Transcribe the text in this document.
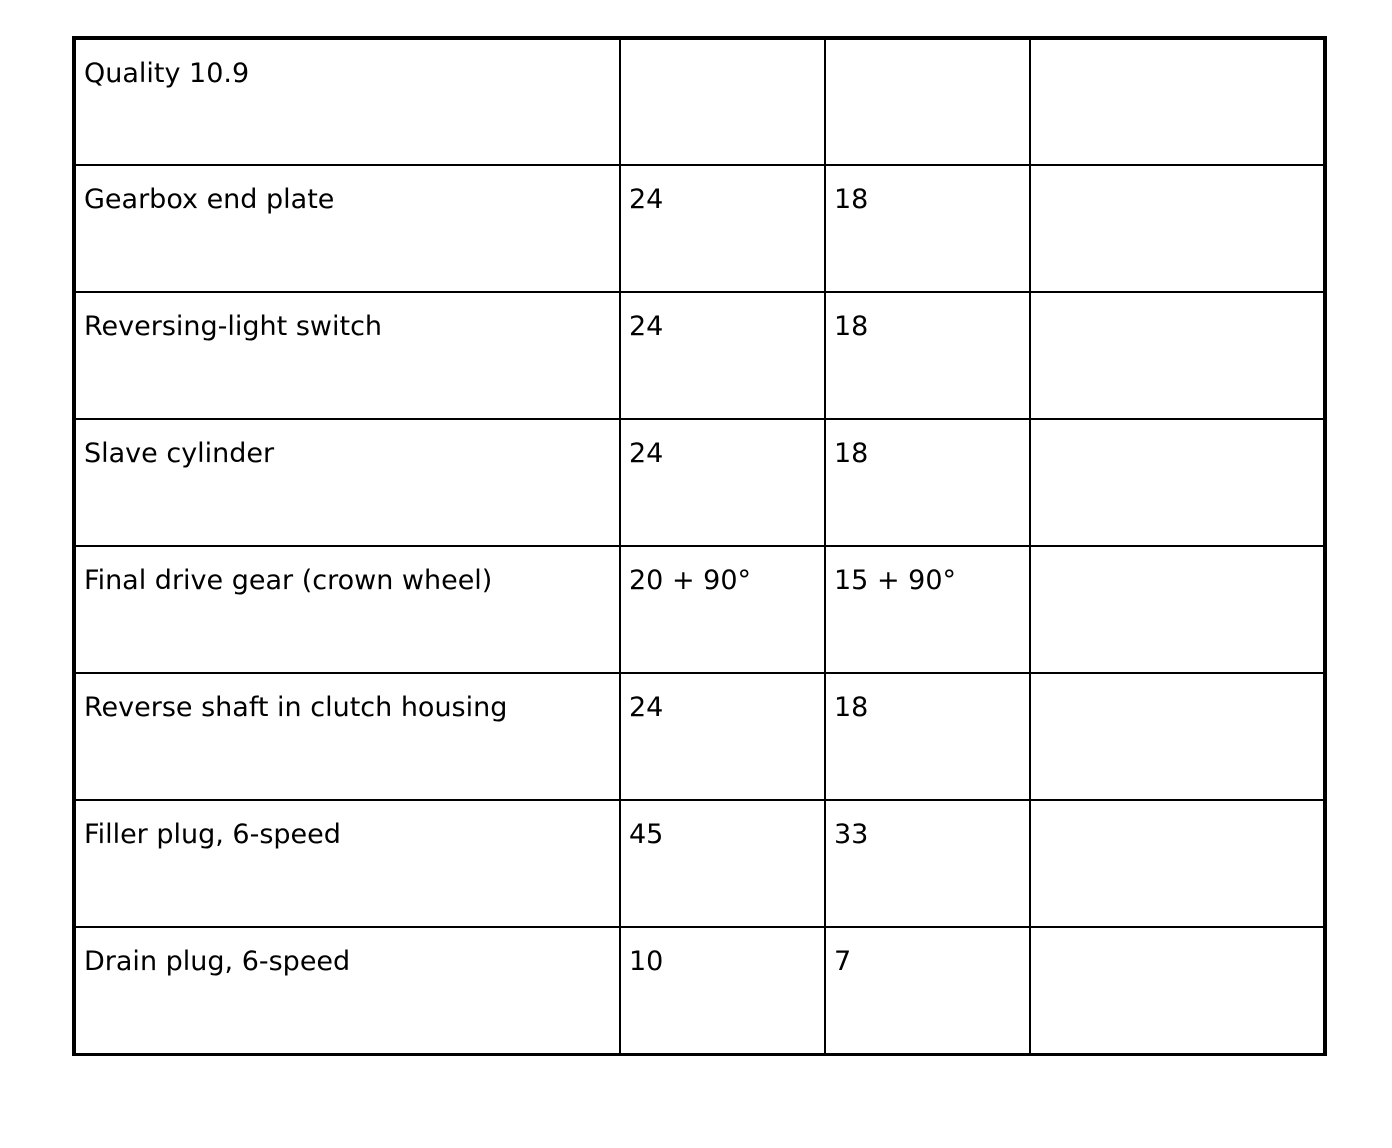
Quality 10.9			
Gearbox end plate	24	18	
Reversing-light switch	24	18	
Slave cylinder	24	18	
Final drive gear (crown wheel)	20 + 90°	15 + 90°	
Reverse shaft in clutch housing	24	18	
Filler plug, 6-speed	45	33	
Drain plug, 6-speed	10	7	
